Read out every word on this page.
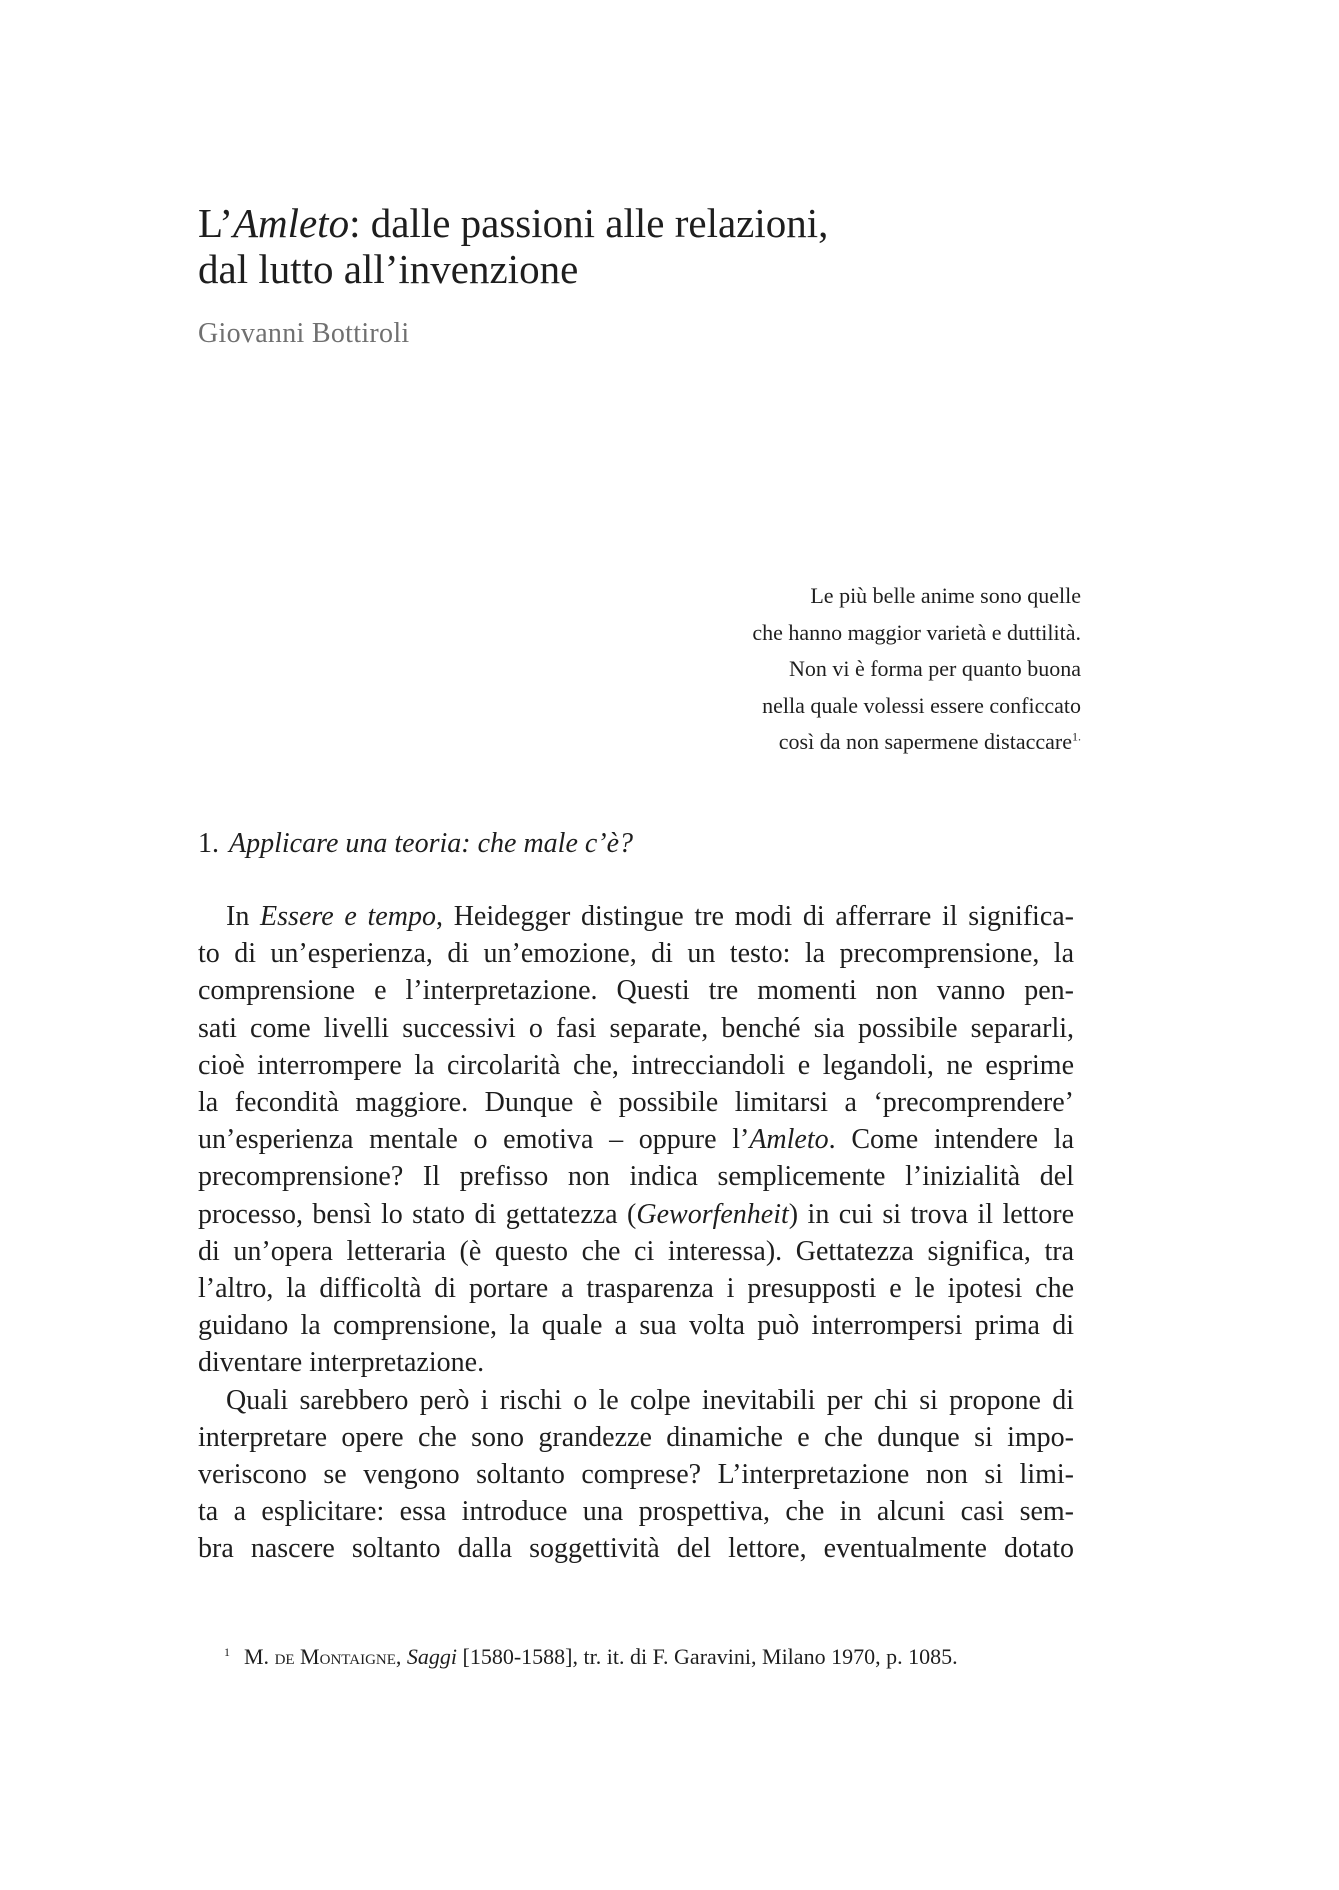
L’Amleto: dalle passioni alle relazioni,
dal lutto all’invenzione
Giovanni Bottiroli
Le più belle anime sono quelle
che hanno maggior varietà e duttilità.
Non vi è forma per quanto buona
nella quale volessi essere conficcato
così da non sapermene distaccare$^{1.}$
1. Applicare una teoria: che male c’è?
In Essere e tempo, Heidegger distingue tre modi di afferrare il significa-
to di un’esperienza, di un’emozione, di un testo: la precomprensione, la
comprensione e l’interpretazione. Questi tre momenti non vanno pen-
sati come livelli successivi o fasi separate, benché sia possibile separarli,
cioè interrompere la circolarità che, intrecciandoli e legandoli, ne esprime
la fecondità maggiore. Dunque è possibile limitarsi a ‘precomprendere’
un’esperienza mentale o emotiva – oppure l’Amleto. Come intendere la
precomprensione? Il prefisso non indica semplicemente l’inizialità del
processo, bensì lo stato di gettatezza (Geworfenheit) in cui si trova il lettore
di un’opera letteraria (è questo che ci interessa). Gettatezza significa, tra
l’altro, la difficoltà di portare a trasparenza i presupposti e le ipotesi che
guidano la comprensione, la quale a sua volta può interrompersi prima di
diventare interpretazione.
Quali sarebbero però i rischi o le colpe inevitabili per chi si propone di
interpretare opere che sono grandezze dinamiche e che dunque si impo-
veriscono se vengono soltanto comprese? L’interpretazione non si limi-
ta a esplicitare: essa introduce una prospettiva, che in alcuni casi sem-
bra nascere soltanto dalla soggettività del lettore, eventualmente dotato
$^1$ M. de Montaigne, Saggi [1580-1588], tr. it. di F. Garavini, Milano 1970, p. 1085.
